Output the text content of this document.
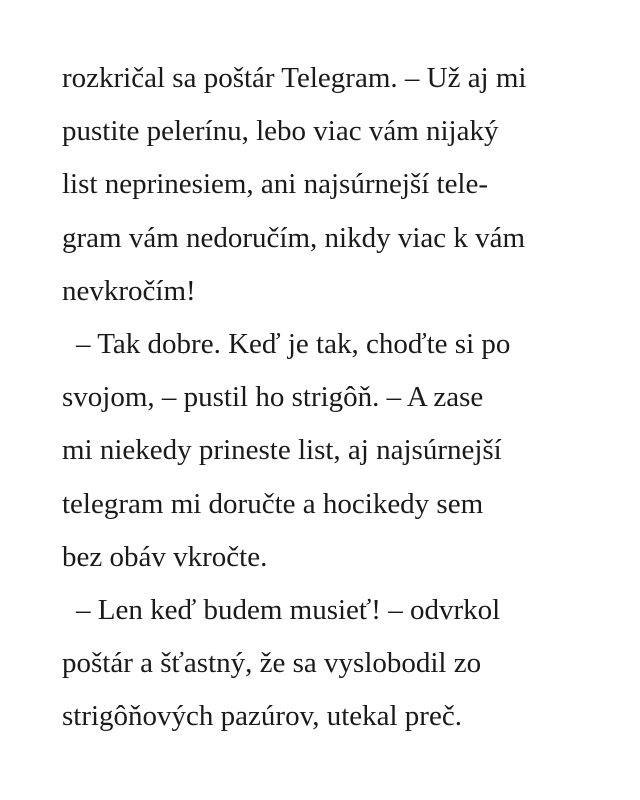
rozkričal sa poštár Telegram. – Už aj mi
pustite pelerínu, lebo viac vám nijaký
list neprinesiem, ani najsúrnejší tele-
gram vám nedoručím, nikdy viac k vám
nevkročím!
– Tak dobre. Keď je tak, choďte si po
svojom, – pustil ho strigôň. – A zase
mi niekedy prineste list, aj najsúrnejší
telegram mi doručte a hocikedy sem
bez obáv vkročte.
– Len keď budem musieť! – odvrkol
poštár a šťastný, že sa vyslobodil zo
strigôňových pazúrov, utekal preč.
